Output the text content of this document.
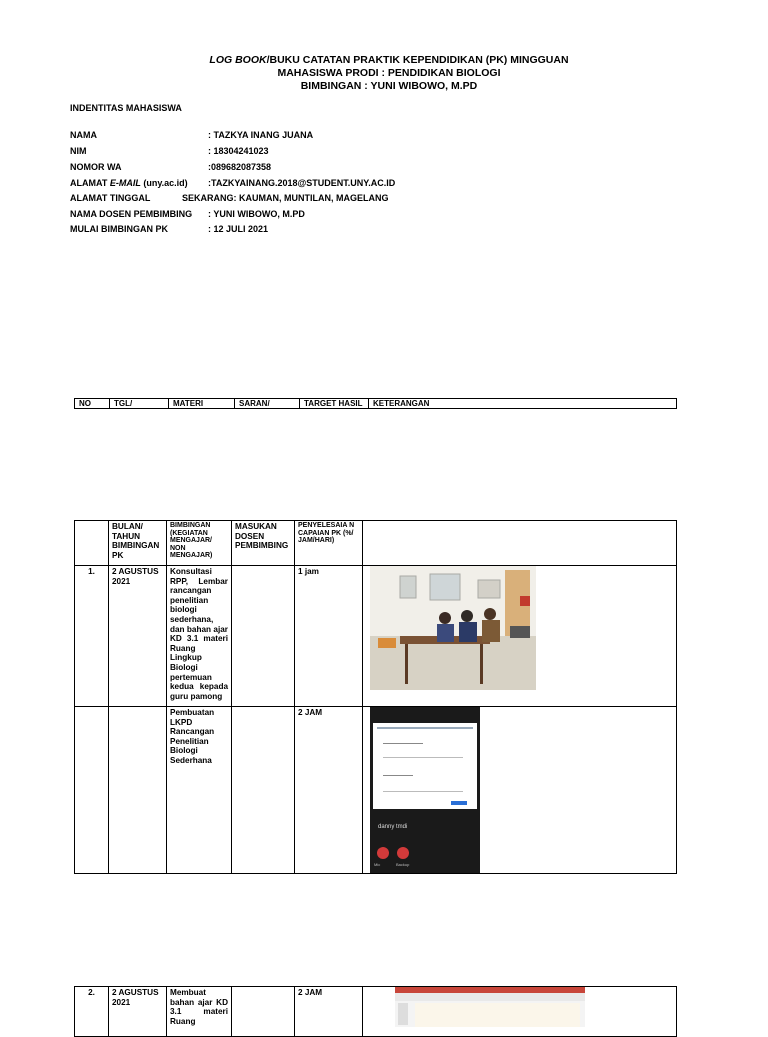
LOG BOOK/BUKU CATATAN PRAKTIK KEPENDIDIKAN (PK) MINGGUAN
MAHASISWA PRODI : PENDIDIKAN BIOLOGI
BIMBINGAN : YUNI WIBOWO, M.PD
INDENTITAS MAHASISWA
NAMA	: TAZKYA INANG JUANA
NIM	: 18304241023
NOMOR WA	:089682087358
ALAMAT E-MAIL (uny.ac.id) :TAZKYAINANG.2018@STUDENT.UNY.AC.ID
ALAMAT TINGGAL	SEKARANG: KAUMAN, MUNTILAN, MAGELANG
NAMA DOSEN PEMBIMBING : YUNI WIBOWO, M.PD
MULAI BIMBINGAN PK	: 12 JULI 2021
NO	TGL/	MATERI	SARAN/	TARGET HASIL	KETERANGAN
	BULAN/ TAHUN BIMBINGAN PK	BIMBINGAN (KEGIATAN MENGAJAR/ NON MENGAJAR)	MASUKAN DOSEN PEMBIMBING	PENYELESAIA N CAPAIAN PK (%/ JAM/HARI)	
1.	2 AGUSTUS 2021	Konsultasi RPP, Lembar rancangan penelitian biologi sederhana, dan bahan ajar KD 3.1 materi Ruang Lingkup Biologi pertemuan kedua kepada guru pamong		1 jam	

		Pembuatan LKPD Rancangan Penelitian Biologi Sederhana		2 JAM	danny tmdi
Mic Backup
2.	2 AGUSTUS 2021	Membuat bahan ajar KD 3.1 materi Ruang		2 JAM	
